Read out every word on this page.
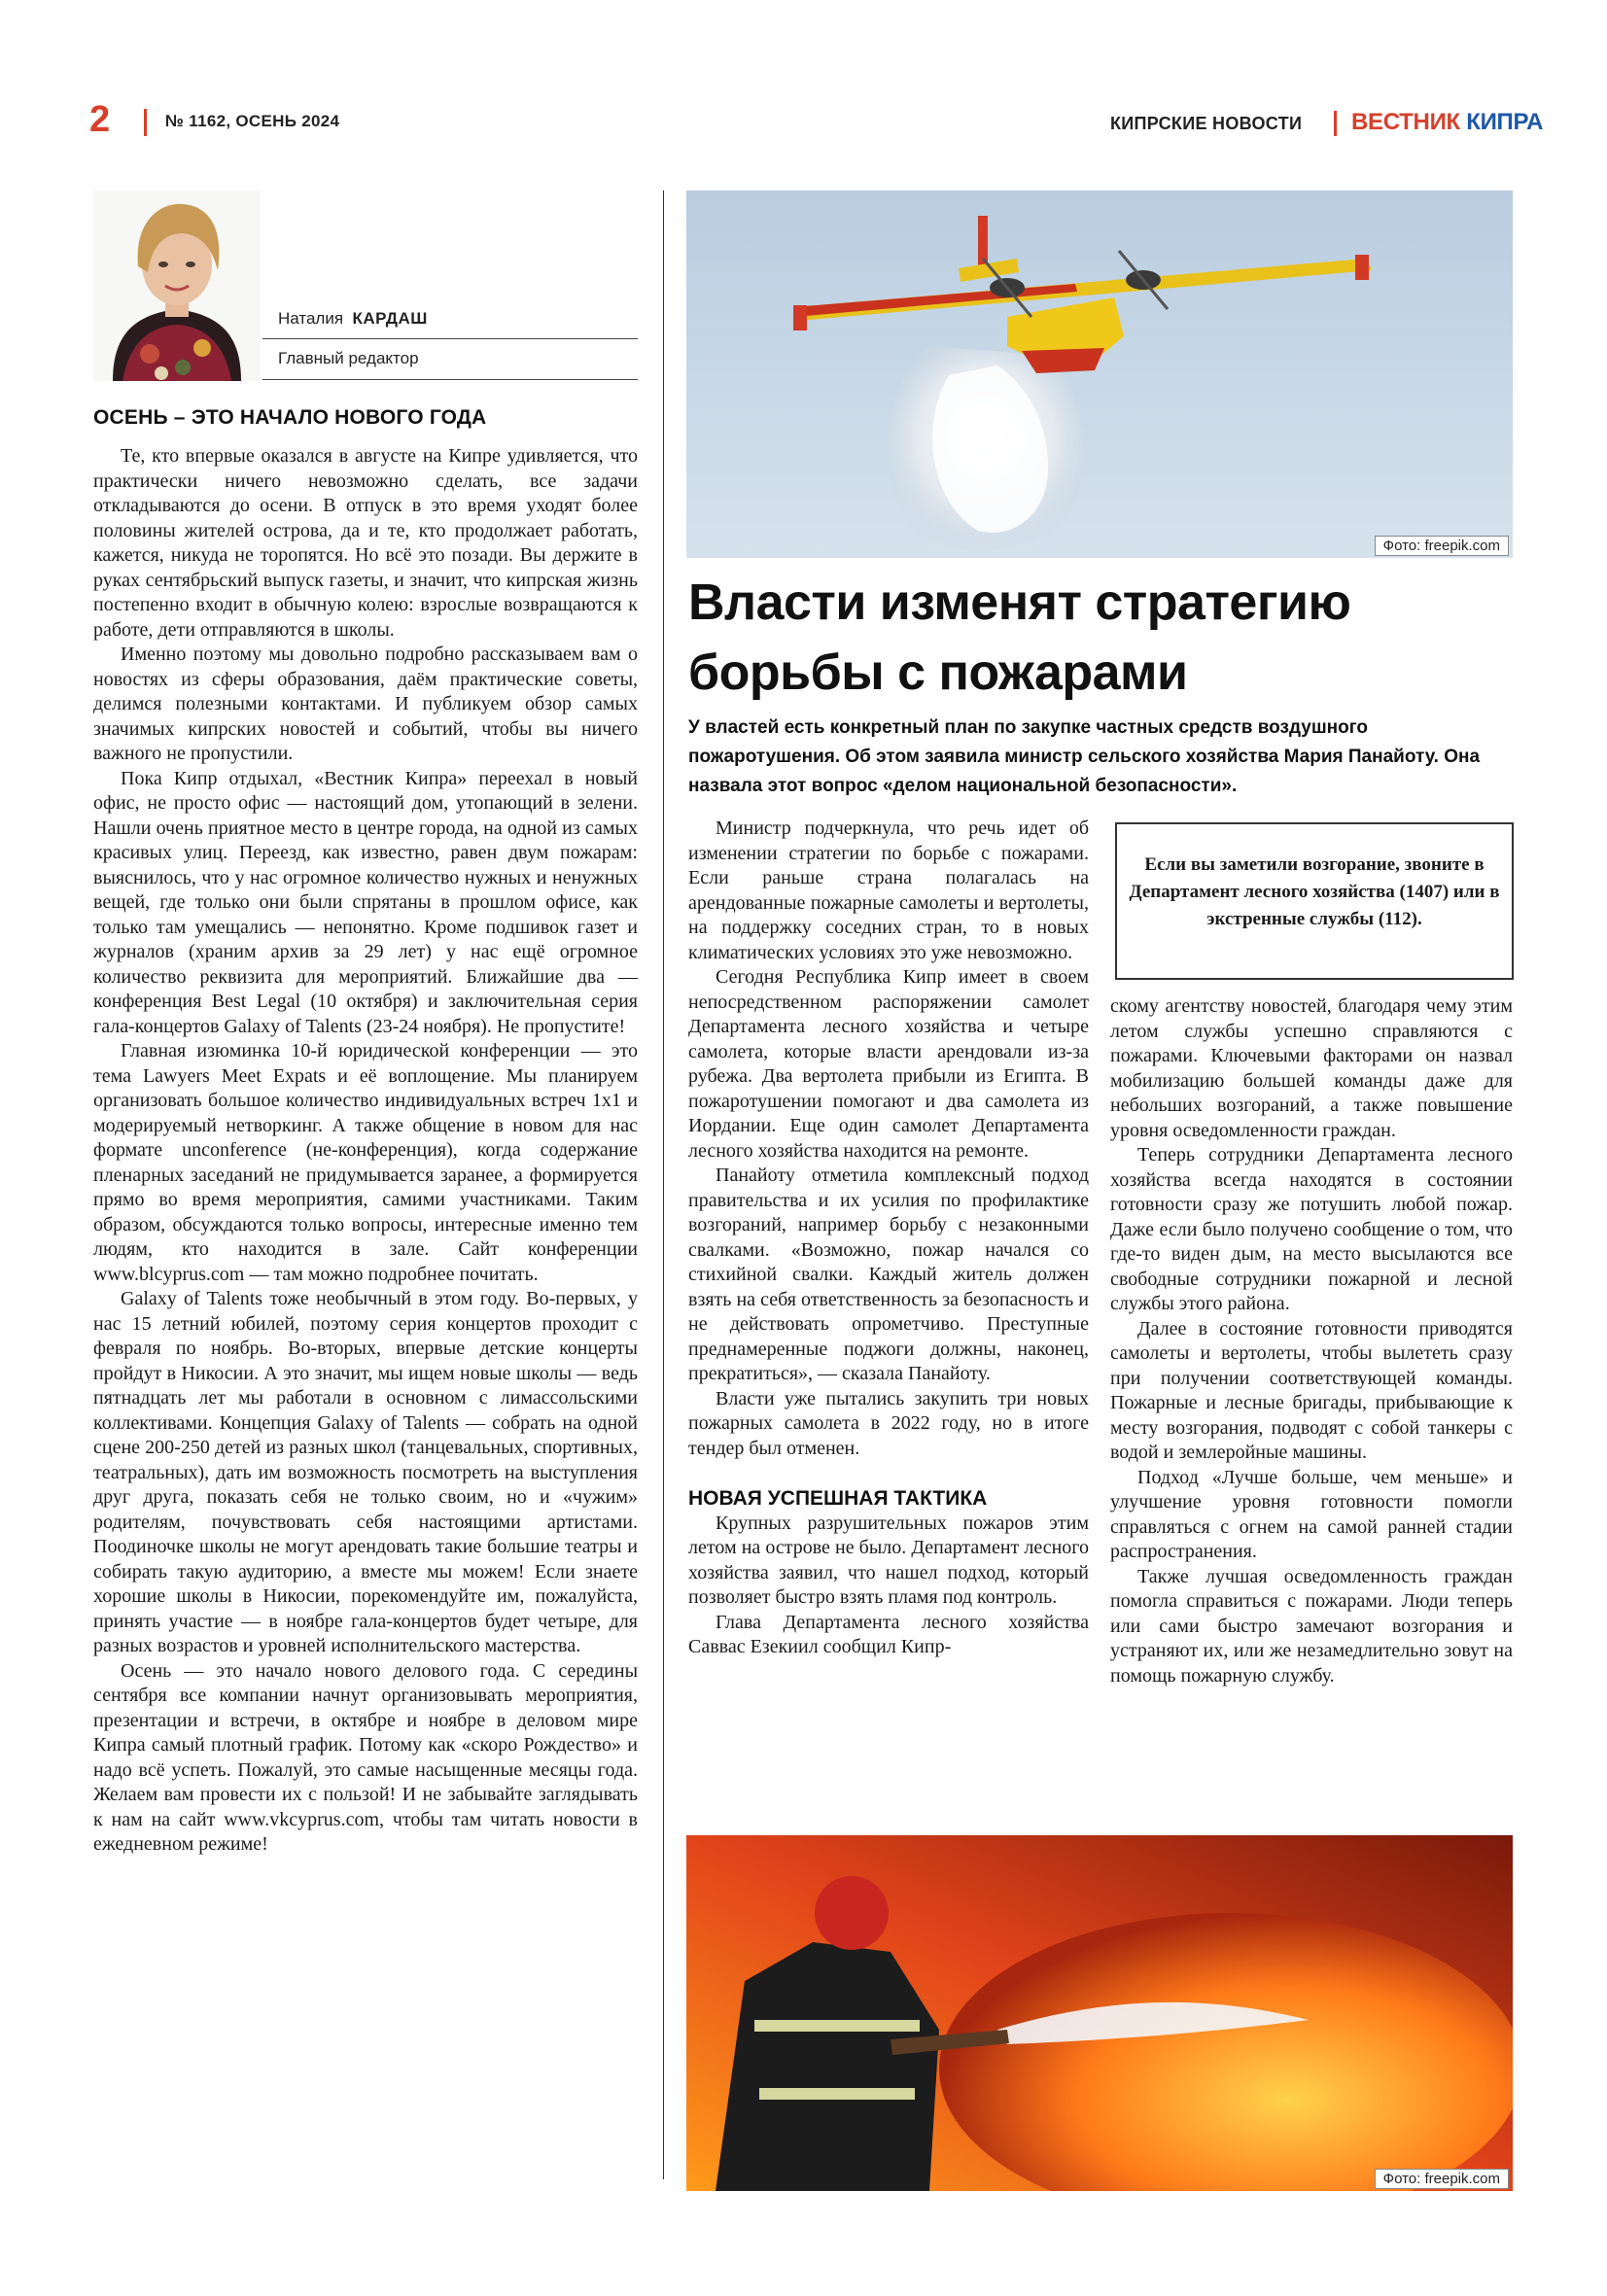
2	№ 1162, ОСЕНЬ 2024	КИПРСКИЕ НОВОСТИ ВЕСТНИК КИПРА
Наталия КАРДАШ
Главный редактор
ОСЕНЬ – ЭТО НАЧАЛО НОВОГО ГОДА

Те, кто впервые оказался в августе на Кипре удивляется, что практически ничего невозможно сделать, все задачи откладываются до осени. В отпуск в это время уходят более половины жителей острова, да и те, кто продолжает работать, кажется, никуда не торопятся. Но всё это позади. Вы держите в руках сентябрьский выпуск газеты, и значит, что кипрская жизнь постепенно входит в обычную колею: взрослые возвращаются к работе, дети отправляются в школы.

Именно поэтому мы довольно подробно рассказываем вам о новостях из сферы образования, даём практические советы, делимся полезными контактами. И публикуем обзор самых значимых кипрских новостей и событий, чтобы вы ничего важного не пропустили.

Пока Кипр отдыхал, «Вестник Кипра» переехал в новый офис, не просто офис — настоящий дом, утопающий в зелени. Нашли очень приятное место в центре города, на одной из самых красивых улиц. Переезд, как известно, равен двум пожарам: выяснилось, что у нас огромное количество нужных и ненужных вещей, где только они были спрятаны в прошлом офисе, как только там умещались — непонятно. Кроме подшивок газет и журналов (храним архив за 29 лет) у нас ещё огромное количество реквизита для мероприятий. Ближайшие два — конференция Best Legal (10 октября) и заключительная серия гала-концертов Galaxy of Talents (23-24 ноября). Не пропустите!

Главная изюминка 10-й юридической конференции — это тема Lawyers Meet Expats и её воплощение. Мы планируем организовать большое количество индивидуальных встреч 1х1 и модерируемый нетворкинг. А также общение в новом для нас формате unconference (не-конференция), когда содержание пленарных заседаний не придумывается заранее, а формируется прямо во время мероприятия, самими участниками. Таким образом, обсуждаются только вопросы, интересные именно тем людям, кто находится в зале. Сайт конференции www.blcyprus.com — там можно подробнее почитать.

Galaxy of Talents тоже необычный в этом году. Во-первых, у нас 15 летний юбилей, поэтому серия концертов проходит с февраля по ноябрь. Во-вторых, впервые детские концерты пройдут в Никосии. А это значит, мы ищем новые школы — ведь пятнадцать лет мы работали в основном с лимассольскими коллективами. Концепция Galaxy of Talents — собрать на одной сцене 200-250 детей из разных школ (танцевальных, спортивных, театральных), дать им возможность посмотреть на выступления друг друга, показать себя не только своим, но и «чужим» родителям, почувствовать себя настоящими артистами. Поодиночке школы не могут арендовать такие большие театры и собирать такую аудиторию, а вместе мы можем! Если знаете хорошие школы в Никосии, порекомендуйте им, пожалуйста, принять участие — в ноябре гала-концертов будет четыре, для разных возрастов и уровней исполнительского мастерства.

Осень — это начало нового делового года. С середины сентября все компании начнут организовывать мероприятия, презентации и встречи, в октябре и ноябре в деловом мире Кипра самый плотный график. Потому как «скоро Рождество» и надо всё успеть. Пожалуй, это самые насыщенные месяцы года. Желаем вам провести их с пользой! И не забывайте заглядывать к нам на сайт www.vkcyprus.com, чтобы там читать новости в ежедневном режиме!

Фото: freepik.com
Власти изменят стратегию борьбы с пожарами
У властей есть конкретный план по закупке частных средств воздушного пожаротушения. Об этом заявила министр сельского хозяйства Мария Панайоту. Она назвала этот вопрос «делом национальной безопасности».

Министр подчеркнула, что речь идет об изменении стратегии по борьбе с пожарами. Если раньше страна полагалась на арендованные пожарные самолеты и вертолеты, на поддержку соседних стран, то в новых климатических условиях это уже невозможно.

Сегодня Республика Кипр имеет в своем непосредственном распоряжении самолет Департамента лесного хозяйства и четыре самолета, которые власти арендовали из-за рубежа. Два вертолета прибыли из Египта. В пожаротушении помогают и два самолета из Иордании. Еще один самолет Департамента лесного хозяйства находится на ремонте.

Панайоту отметила комплексный подход правительства и их усилия по профилактике возгораний, например борьбу с незаконными свалками. «Возможно, пожар начался со стихийной свалки. Каждый житель должен взять на себя ответственность за безопасность и не действовать опрометчиво. Преступные преднамеренные поджоги должны, наконец, прекратиться», — сказала Панайоту.

Власти уже пытались закупить три новых пожарных самолета в 2022 году, но в итоге тендер был отменен.

НОВАЯ УСПЕШНАЯ ТАКТИКА

Крупных разрушительных пожаров этим летом на острове не было. Департамент лесного хозяйства заявил, что нашел подход, который позволяет быстро взять пламя под контроль.

Глава Департамента лесного хозяйства Саввас Езекиил сообщил Кипр-

Если вы заметили возгорание, звоните в Департамент лесного хозяйства (1407) или в экстренные службы (112).

скому агентству новостей, благодаря чему этим летом службы успешно справляются с пожарами. Ключевыми факторами он назвал мобилизацию большей команды даже для небольших возгораний, а также повышение уровня осведомленности граждан.

Теперь сотрудники Департамента лесного хозяйства всегда находятся в состоянии готовности сразу же потушить любой пожар. Даже если было получено сообщение о том, что где-то виден дым, на место высылаются все свободные сотрудники пожарной и лесной службы этого района.

Далее в состояние готовности приводятся самолеты и вертолеты, чтобы вылететь сразу при получении соответствующей команды. Пожарные и лесные бригады, прибывающие к месту возгорания, подводят с собой танкеры с водой и землеройные машины.

Подход «Лучше больше, чем меньше» и улучшение уровня готовности помогли справляться с огнем на самой ранней стадии распространения.

Также лучшая осведомленность граждан помогла справиться с пожарами. Люди теперь или сами быстро замечают возгорания и устраняют их, или же незамедлительно зовут на помощь пожарную службу.

Фото: freepik.com
